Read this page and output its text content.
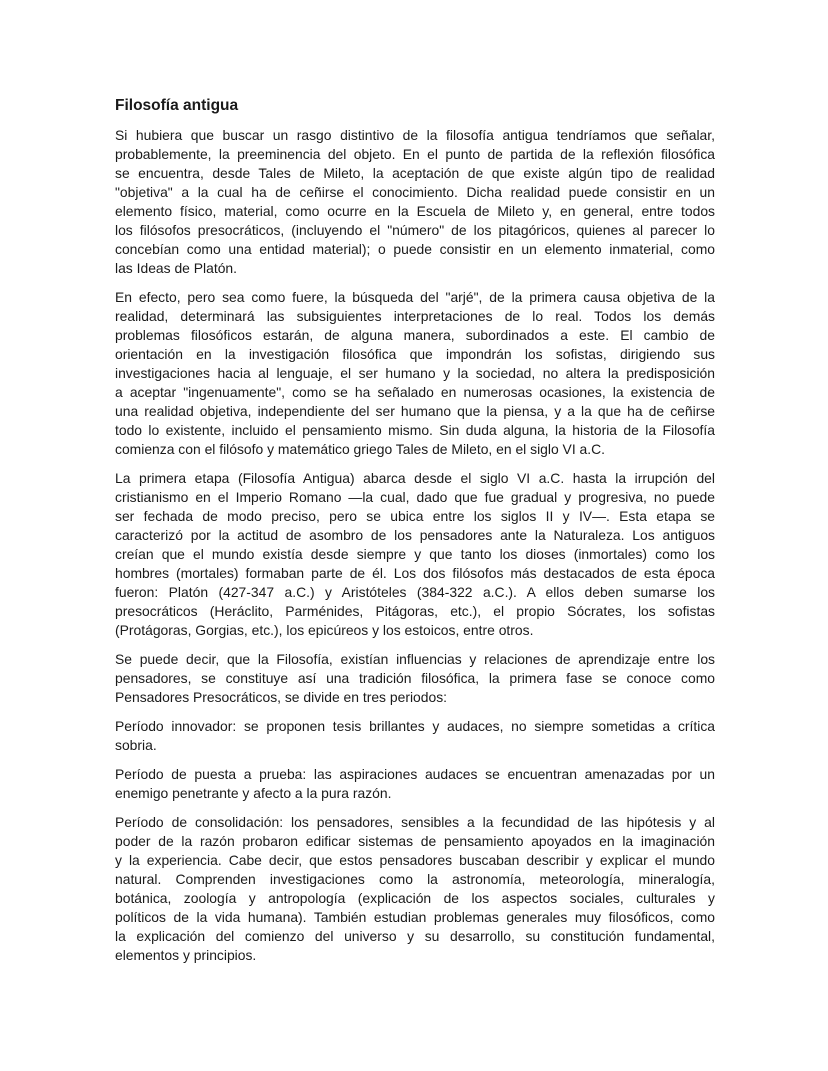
Filosofía antigua
Si hubiera que buscar un rasgo distintivo de la filosofía antigua tendríamos que señalar,
probablemente, la preeminencia del objeto. En el punto de partida de la reflexión filosófica
se encuentra, desde Tales de Mileto, la aceptación de que existe algún tipo de realidad
"objetiva" a la cual ha de ceñirse el conocimiento. Dicha realidad puede consistir en un
elemento físico, material, como ocurre en la Escuela de Mileto y, en general, entre todos
los filósofos presocráticos, (incluyendo el "número" de los pitagóricos, quienes al parecer lo
concebían como una entidad material); o puede consistir en un elemento inmaterial, como
las Ideas de Platón.
En efecto, pero sea como fuere, la búsqueda del "arjé", de la primera causa objetiva de la
realidad, determinará las subsiguientes interpretaciones de lo real. Todos los demás
problemas filosóficos estarán, de alguna manera, subordinados a este. El cambio de
orientación en la investigación filosófica que impondrán los sofistas, dirigiendo sus
investigaciones hacia al lenguaje, el ser humano y la sociedad, no altera la predisposición
a aceptar "ingenuamente", como se ha señalado en numerosas ocasiones, la existencia de
una realidad objetiva, independiente del ser humano que la piensa, y a la que ha de ceñirse
todo lo existente, incluido el pensamiento mismo. Sin duda alguna, la historia de la Filosofía
comienza con el filósofo y matemático griego Tales de Mileto, en el siglo VI a.C.
La primera etapa (Filosofía Antigua) abarca desde el siglo VI a.C. hasta la irrupción del
cristianismo en el Imperio Romano —la cual, dado que fue gradual y progresiva, no puede
ser fechada de modo preciso, pero se ubica entre los siglos II y IV—. Esta etapa se
caracterizó por la actitud de asombro de los pensadores ante la Naturaleza. Los antiguos
creían que el mundo existía desde siempre y que tanto los dioses (inmortales) como los
hombres (mortales) formaban parte de él. Los dos filósofos más destacados de esta época
fueron: Platón (427-347 a.C.) y Aristóteles (384-322 a.C.). A ellos deben sumarse los
presocráticos (Heráclito, Parménides, Pitágoras, etc.), el propio Sócrates, los sofistas
(Protágoras, Gorgias, etc.), los epicúreos y los estoicos, entre otros.
Se puede decir, que la Filosofía, existían influencias y relaciones de aprendizaje entre los
pensadores, se constituye así una tradición filosófica, la primera fase se conoce como
Pensadores Presocráticos, se divide en tres periodos:
Período innovador: se proponen tesis brillantes y audaces, no siempre sometidas a crítica
sobria.
Período de puesta a prueba: las aspiraciones audaces se encuentran amenazadas por un
enemigo penetrante y afecto a la pura razón.
Período de consolidación: los pensadores, sensibles a la fecundidad de las hipótesis y al
poder de la razón probaron edificar sistemas de pensamiento apoyados en la imaginación
y la experiencia. Cabe decir, que estos pensadores buscaban describir y explicar el mundo
natural. Comprenden investigaciones como la astronomía, meteorología, mineralogía,
botánica, zoología y antropología (explicación de los aspectos sociales, culturales y
políticos de la vida humana). También estudian problemas generales muy filosóficos, como
la explicación del comienzo del universo y su desarrollo, su constitución fundamental,
elementos y principios.
